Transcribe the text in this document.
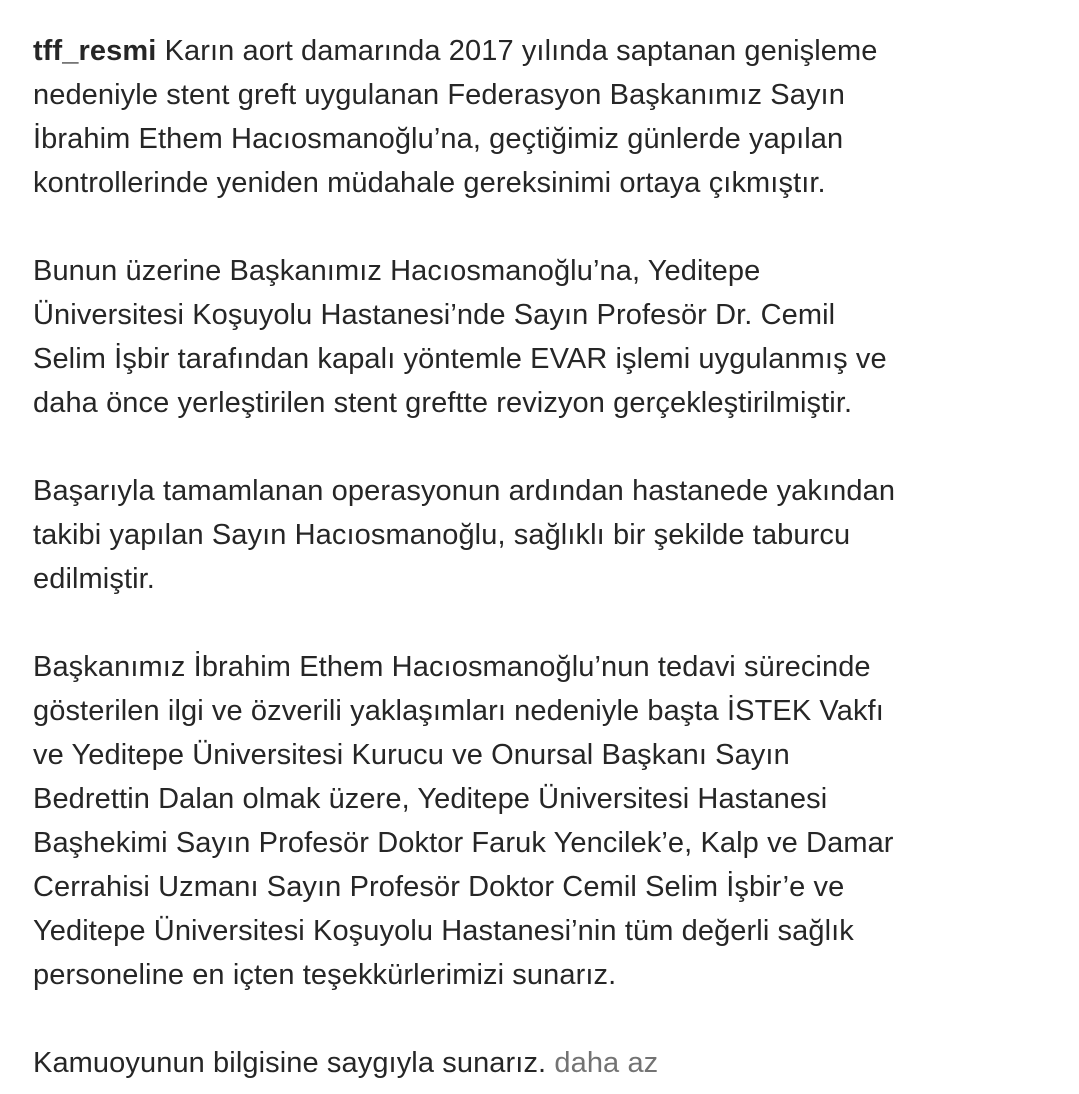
tff_resmi Karın aort damarında 2017 yılında saptanan genişleme
nedeniyle stent greft uygulanan Federasyon Başkanımız Sayın
İbrahim Ethem Hacıosmanoğlu’na, geçtiğimiz günlerde yapılan
kontrollerinde yeniden müdahale gereksinimi ortaya çıkmıştır.

Bunun üzerine Başkanımız Hacıosmanoğlu’na, Yeditepe
Üniversitesi Koşuyolu Hastanesi’nde Sayın Profesör Dr. Cemil
Selim İşbir tarafından kapalı yöntemle EVAR işlemi uygulanmış ve
daha önce yerleştirilen stent greftte revizyon gerçekleştirilmiştir.

Başarıyla tamamlanan operasyonun ardından hastanede yakından
takibi yapılan Sayın Hacıosmanoğlu, sağlıklı bir şekilde taburcu
edilmiştir.

Başkanımız İbrahim Ethem Hacıosmanoğlu’nun tedavi sürecinde
gösterilen ilgi ve özverili yaklaşımları nedeniyle başta İSTEK Vakfı
ve Yeditepe Üniversitesi Kurucu ve Onursal Başkanı Sayın
Bedrettin Dalan olmak üzere, Yeditepe Üniversitesi Hastanesi
Başhekimi Sayın Profesör Doktor Faruk Yencilek’e, Kalp ve Damar
Cerrahisi Uzmanı Sayın Profesör Doktor Cemil Selim İşbir’e ve
Yeditepe Üniversitesi Koşuyolu Hastanesi’nin tüm değerli sağlık
personeline en içten teşekkürlerimizi sunarız.

Kamuoyunun bilgisine saygıyla sunarız. daha az
